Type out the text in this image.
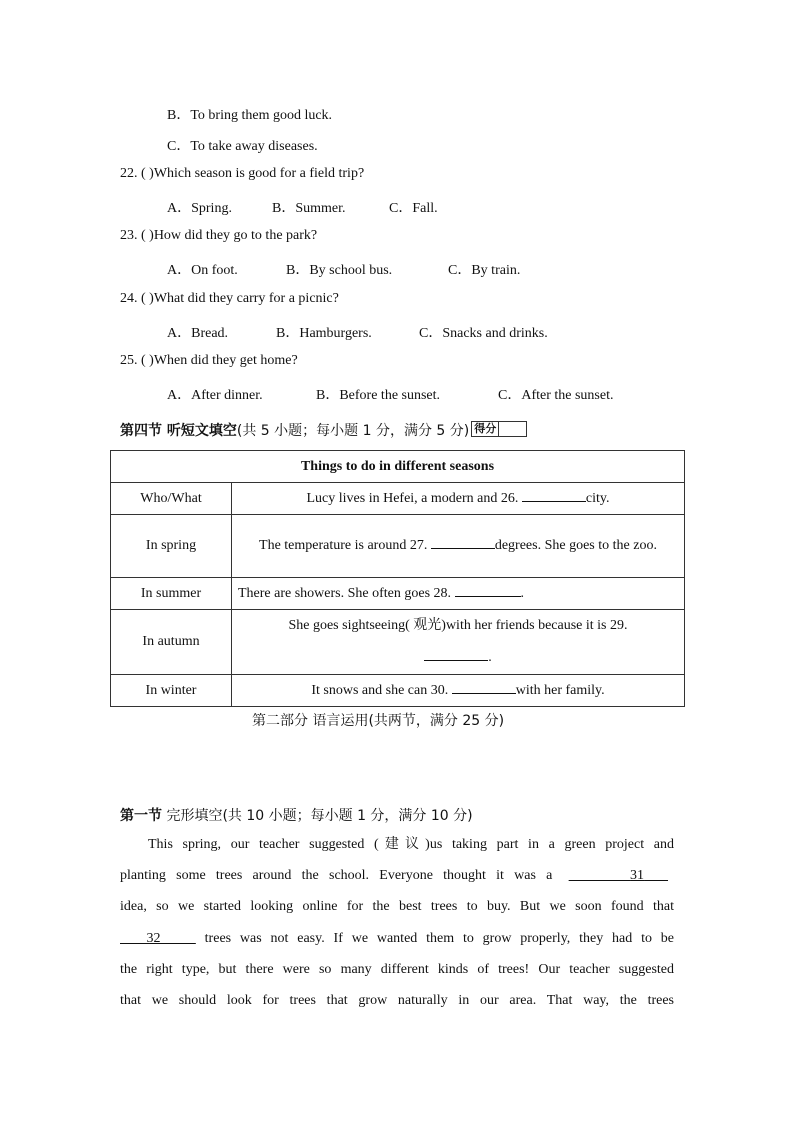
B．To bring them good luck.
C．To take away diseases.
22. ( )Which season is good for a field trip?
A．Spring.	B．Summer.	C．Fall.
23. ( )How did they go to the park?
A．On foot.	B．By school bus.	C．By train.
24. ( )What did they carry for a picnic?
A．Bread.	B．Hamburgers.	C．Snacks and drinks.
25. ( )When did they get home?
A．After dinner.	B．Before the sunset.	C．After the sunset.
第四节 听短文填空(共 5 小题；每小题 1 分，满分 5 分) 得分
Things to do in different seasons	
Who/What	Lucy lives in Hefei, a modern and 26. city.
In spring	The temperature is around 27. degrees. She goes to the zoo.
In summer	There are showers. She often goes 28. .
In autumn	She goes sightseeing( 观光)with her friends because it is 29.
.
In winter	It snows and she can 30. with her family.
第二部分 语言运用(共两节，满分 25 分)
第一节 完形填空(共 10 小题；每小题 1 分，满分 10 分)
This spring, our teacher suggested (建议)us taking part in a green project and
planting some trees around the school. Everyone thought it was a	31
idea, so we started looking online for the best trees to buy. But we soon found that
32	trees was not easy. If we wanted them to grow properly, they had to be
the right type, but there were so many different kinds of trees! Our teacher suggested
that we should look for trees that grow naturally in our area. That way, the trees
